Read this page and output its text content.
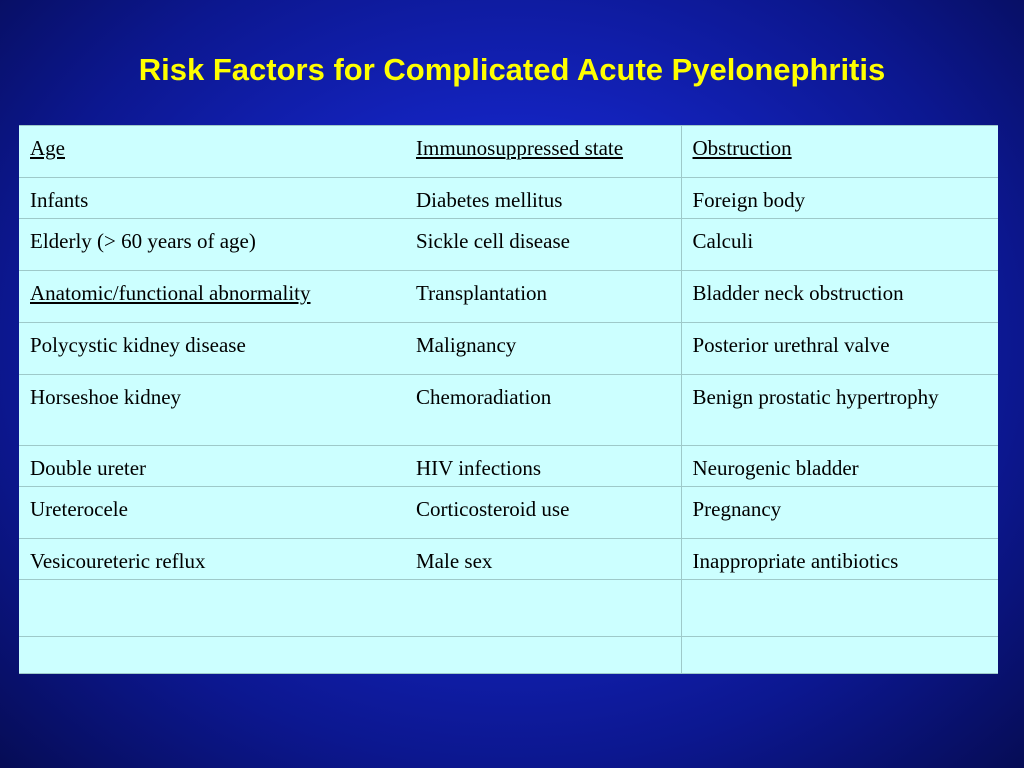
Risk Factors for Complicated Acute Pyelonephritis
Age	Immunosuppressed state	Obstruction
Infants	Diabetes mellitus	Foreign body
Elderly (> 60 years of age)	Sickle cell disease	Calculi
Anatomic/functional abnormality	Transplantation	Bladder neck obstruction
Polycystic kidney disease	Malignancy	Posterior urethral valve
Horseshoe kidney	Chemoradiation	Benign prostatic hypertrophy
Double ureter	HIV infections	Neurogenic bladder
Ureterocele	Corticosteroid use	Pregnancy
Vesicoureteric reflux	Male sex	Inappropriate antibiotics
